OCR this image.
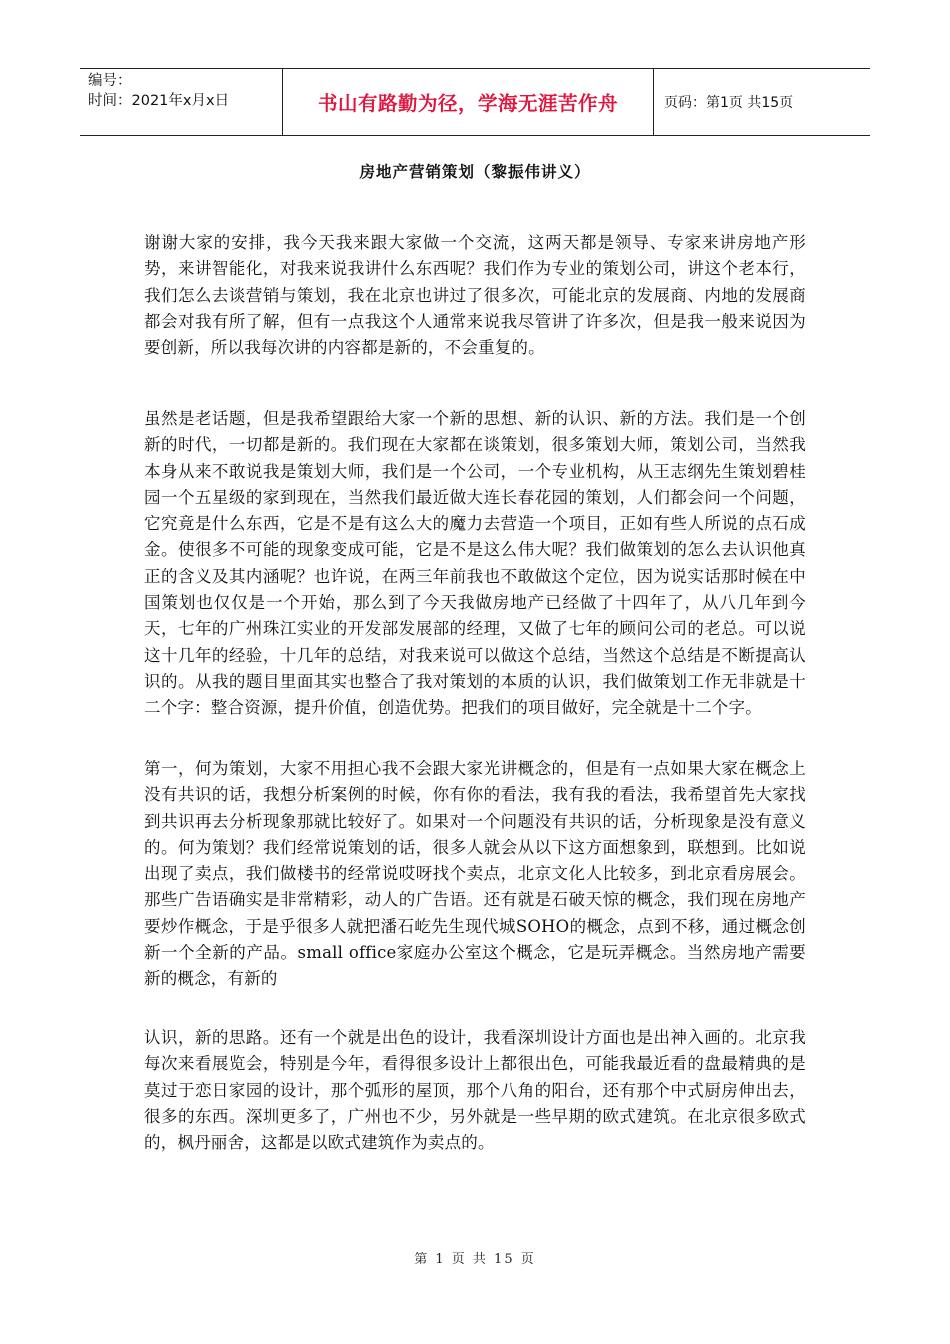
编号：
时间：2021年x月x日	书山有路勤为径，学海无涯苦作舟	页码：第1页 共15页
房地产营销策划（黎振伟讲义）

谢谢大家的安排，我今天我来跟大家做一个交流，这两天都是领导、专家来讲房地产形势，来讲智能化，对我来说我讲什么东西呢？我们作为专业的策划公司，讲这个老本行，我们怎么去谈营销与策划，我在北京也讲过了很多次，可能北京的发展商、内地的发展商都会对我有所了解，但有一点我这个人通常来说我尽管讲了许多次，但是我一般来说因为要创新，所以我每次讲的内容都是新的，不会重复的。

虽然是老话题，但是我希望跟给大家一个新的思想、新的认识、新的方法。我们是一个创新的时代，一切都是新的。我们现在大家都在谈策划，很多策划大师，策划公司，当然我本身从来不敢说我是策划大师，我们是一个公司，一个专业机构，从王志纲先生策划碧桂园一个五星级的家到现在，当然我们最近做大连长春花园的策划，人们都会问一个问题，它究竟是什么东西，它是不是有这么大的魔力去营造一个项目，正如有些人所说的点石成金。使很多不可能的现象变成可能，它是不是这么伟大呢？我们做策划的怎么去认识他真正的含义及其内涵呢？也许说，在两三年前我也不敢做这个定位，因为说实话那时候在中国策划也仅仅是一个开始，那么到了今天我做房地产已经做了十四年了，从八几年到今天，七年的广州珠江实业的开发部发展部的经理，又做了七年的顾问公司的老总。可以说这十几年的经验，十几年的总结，对我来说可以做这个总结，当然这个总结是不断提高认识的。从我的题目里面其实也整合了我对策划的本质的认识，我们做策划工作无非就是十二个字：整合资源，提升价值，创造优势。把我们的项目做好，完全就是十二个字。

第一，何为策划，大家不用担心我不会跟大家光讲概念的，但是有一点如果大家在概念上没有共识的话，我想分析案例的时候，你有你的看法，我有我的看法，我希望首先大家找到共识再去分析现象那就比较好了。如果对一个问题没有共识的话，分析现象是没有意义的。何为策划？我们经常说策划的话，很多人就会从以下这方面想象到，联想到。比如说出现了卖点，我们做楼书的经常说哎呀找个卖点，北京文化人比较多，到北京看房展会。那些广告语确实是非常精彩，动人的广告语。还有就是石破天惊的概念，我们现在房地产要炒作概念，于是乎很多人就把潘石屹先生现代城SOHO的概念，点到不移，通过概念创新一个全新的产品。small office家庭办公室这个概念，它是玩弄概念。当然房地产需要新的概念，有新的

认识，新的思路。还有一个就是出色的设计，我看深圳设计方面也是出神入画的。北京我每次来看展览会，特别是今年，看得很多设计上都很出色，可能我最近看的盘最精典的是莫过于恋日家园的设计，那个弧形的屋顶，那个八角的阳台，还有那个中式厨房伸出去，很多的东西。深圳更多了，广州也不少，另外就是一些早期的欧式建筑。在北京很多欧式的，枫丹丽舍，这都是以欧式建筑作为卖点的。

第 1 页 共 15 页
